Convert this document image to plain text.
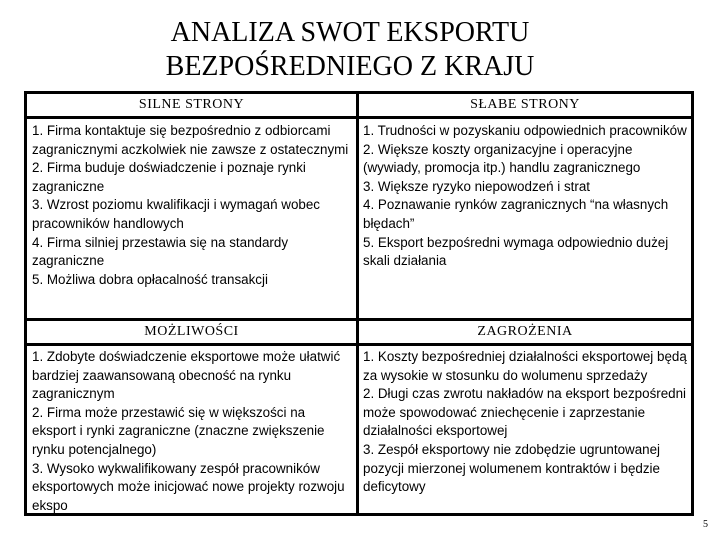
ANALIZA SWOT EKSPORTU
BEZPOŚREDNIEGO Z KRAJU
SILNE STRONY
1. Firma kontaktuje się bezpośrednio z odbiorcami zagranicznymi aczkolwiek nie zawsze z ostatecznymi
2. Firma buduje doświadczenie i poznaje rynki zagraniczne
3. Wzrost poziomu kwalifikacji i wymagań wobec pracowników handlowych
4. Firma silniej przestawia się na standardy zagraniczne
5. Możliwa dobra opłacalność transakcji
SŁABE STRONY
1. Trudności w pozyskaniu odpowiednich pracowników
2. Większe koszty organizacyjne i operacyjne (wywiady, promocja itp.) handlu zagranicznego
3. Większe ryzyko niepowodzeń i strat
4. Poznawanie rynków zagranicznych “na własnych błędach”
5. Eksport bezpośredni wymaga odpowiednio dużej skali działania
MOŻLIWOŚCI
1. Zdobyte doświadczenie eksportowe może ułatwić bardziej zaawansowaną obecność na rynku zagranicznym
2. Firma może przestawić się w większości na eksport i rynki zagraniczne (znaczne zwiększenie rynku potencjalnego)
3. Wysoko wykwalifikowany zespół pracowników eksportowych może inicjować nowe projekty rozwoju ekspo
ZAGROŻENIA
1. Koszty bezpośredniej działalności eksportowej będą za wysokie w stosunku do wolumenu sprzedaży
2. Długi czas zwrotu nakładów na eksport bezpośredni może spowodować zniechęcenie i zaprzestanie działalności eksportowej
3. Zespół eksportowy nie zdobędzie ugruntowanej pozycji mierzonej wolumenem kontraktów i będzie deficytowy
5
